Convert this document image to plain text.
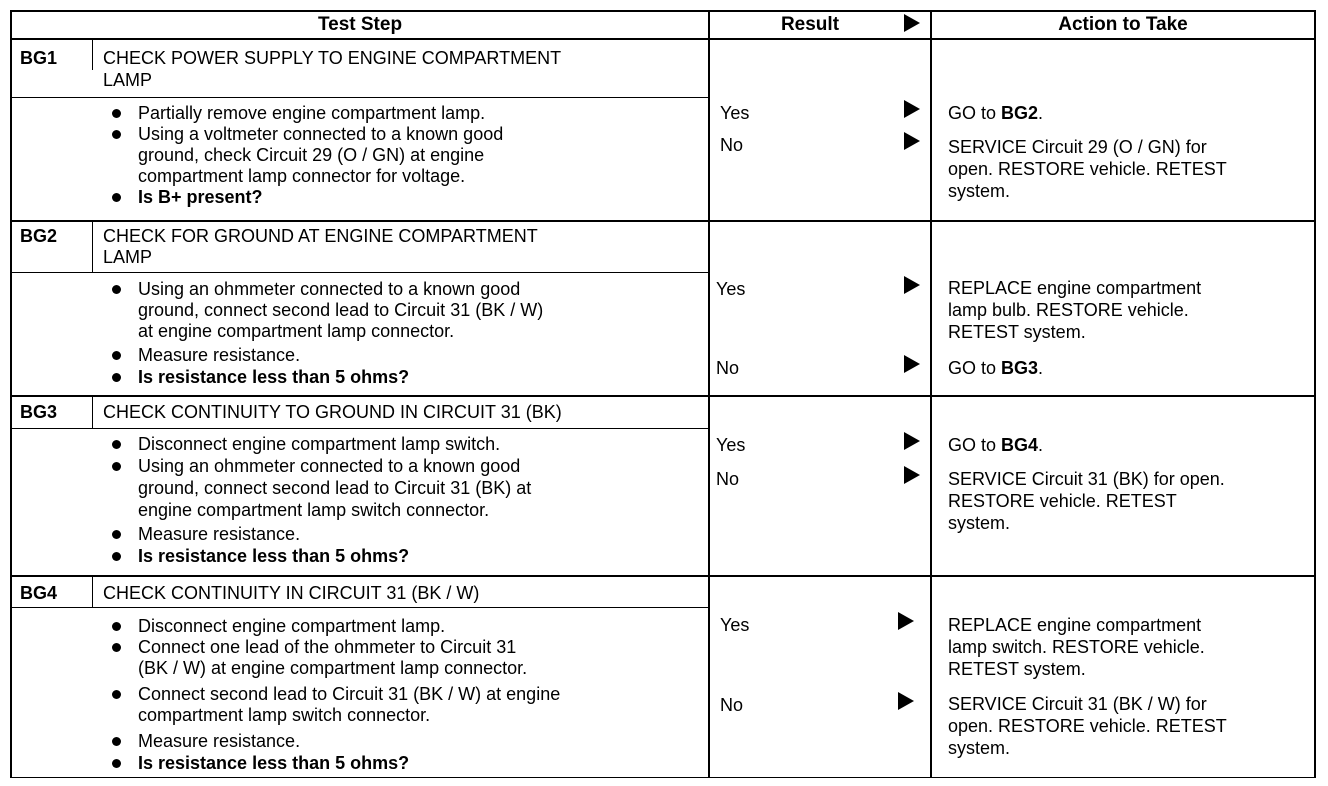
Test Step	Result	Action to Take
BG1	CHECK POWER SUPPLY TO ENGINE COMPARTMENT
LAMP
Partially remove engine compartment lamp.
Using a voltmeter connected to a known good
ground, check Circuit 29 (O / GN) at engine
compartment lamp connector for voltage.
Is B+ present?
Yes	GO to BG2.
No	SERVICE Circuit 29 (O / GN) for
open. RESTORE vehicle. RETEST
system.
BG2	CHECK FOR GROUND AT ENGINE COMPARTMENT
LAMP
Using an ohmmeter connected to a known good
ground, connect second lead to Circuit 31 (BK / W)
at engine compartment lamp connector.
Measure resistance.
Is resistance less than 5 ohms?
Yes	REPLACE engine compartment
lamp bulb. RESTORE vehicle.
RETEST system.
No	GO to BG3.
BG3	CHECK CONTINUITY TO GROUND IN CIRCUIT 31 (BK)
Disconnect engine compartment lamp switch.
Using an ohmmeter connected to a known good
ground, connect second lead to Circuit 31 (BK) at
engine compartment lamp switch connector.
Measure resistance.
Is resistance less than 5 ohms?
Yes	GO to BG4.
No	SERVICE Circuit 31 (BK) for open.
RESTORE vehicle. RETEST
system.
BG4	CHECK CONTINUITY IN CIRCUIT 31 (BK / W)
Disconnect engine compartment lamp.
Connect one lead of the ohmmeter to Circuit 31
(BK / W) at engine compartment lamp connector.
Connect second lead to Circuit 31 (BK / W) at engine
compartment lamp switch connector.
Measure resistance.
Is resistance less than 5 ohms?
Yes	REPLACE engine compartment
lamp switch. RESTORE vehicle.
RETEST system.
No	SERVICE Circuit 31 (BK / W) for
open. RESTORE vehicle. RETEST
system.
